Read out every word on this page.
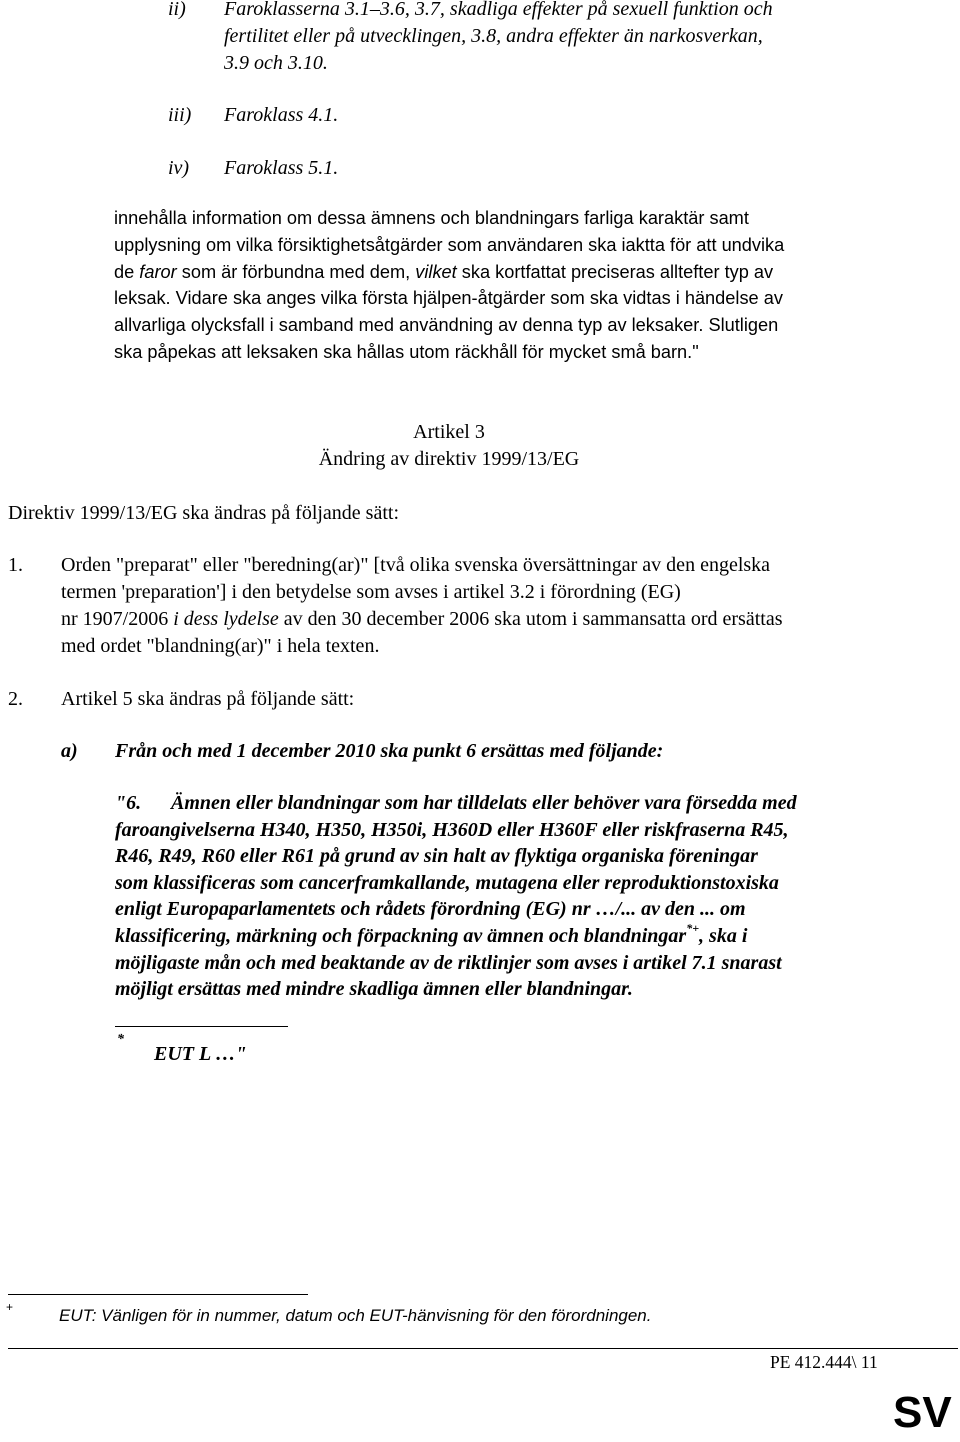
ii) Faroklasserna 3.1–3.6, 3.7, skadliga effekter på sexuell funktion och

fertilitet eller på utvecklingen, 3.8, andra effekter än narkosverkan,

3.9 och 3.10.

iii) Faroklass 4.1.
iv) Faroklass 5.1.

innehålla information om dessa ämnens och blandningars farliga karaktär samt

upplysning om vilka försiktighetsåtgärder som användaren ska iaktta för att undvika

de faror som är förbundna med dem, vilket ska kortfattat preciseras alltefter typ av

leksak. Vidare ska anges vilka första hjälpen-åtgärder som ska vidtas i händelse av

allvarliga olycksfall i samband med användning av denna typ av leksaker. Slutligen

ska påpekas att leksaken ska hållas utom räckhåll för mycket små barn."

Artikel 3
Ändring av direktiv 1999/13/EG
Direktiv 1999/13/EG ska ändras på följande sätt:
1. Orden "preparat" eller "beredning(ar)" [två olika svenska översättningar av den engelska

termen 'preparation'] i den betydelse som avses i artikel 3.2 i förordning (EG)

nr 1907/2006 i dess lydelse av den 30 december 2006 ska utom i sammansatta ord ersättas

med ordet "blandning(ar)" i hela texten.

2. Artikel 5 ska ändras på följande sätt:
a) Från och med 1 december 2010 ska punkt 6 ersättas med följande:
"6.	Ämnen eller blandningar som har tilldelats eller behöver vara försedda med

faroangivelserna H340, H350, H350i, H360D eller H360F eller riskfraserna R45,

R46, R49, R60 eller R61 på grund av sin halt av flyktiga organiska föreningar

som klassificeras som cancerframkallande, mutagena eller reproduktionstoxiska

enligt Europaparlamentets och rådets förordning (EG) nr …/... av den ... om

klassificering, märkning och förpackning av ämnen och blandningar*+, ska i

möjligaste mån och med beaktande av de riktlinjer som avses i artikel 7.1 snarast

möjligt ersättas med mindre skadliga ämnen eller blandningar.

*
EUT L …"
+	EUT: Vänligen för in nummer, datum och EUT-hänvisning för den förordningen.
PE 412.444\ 11
SV
